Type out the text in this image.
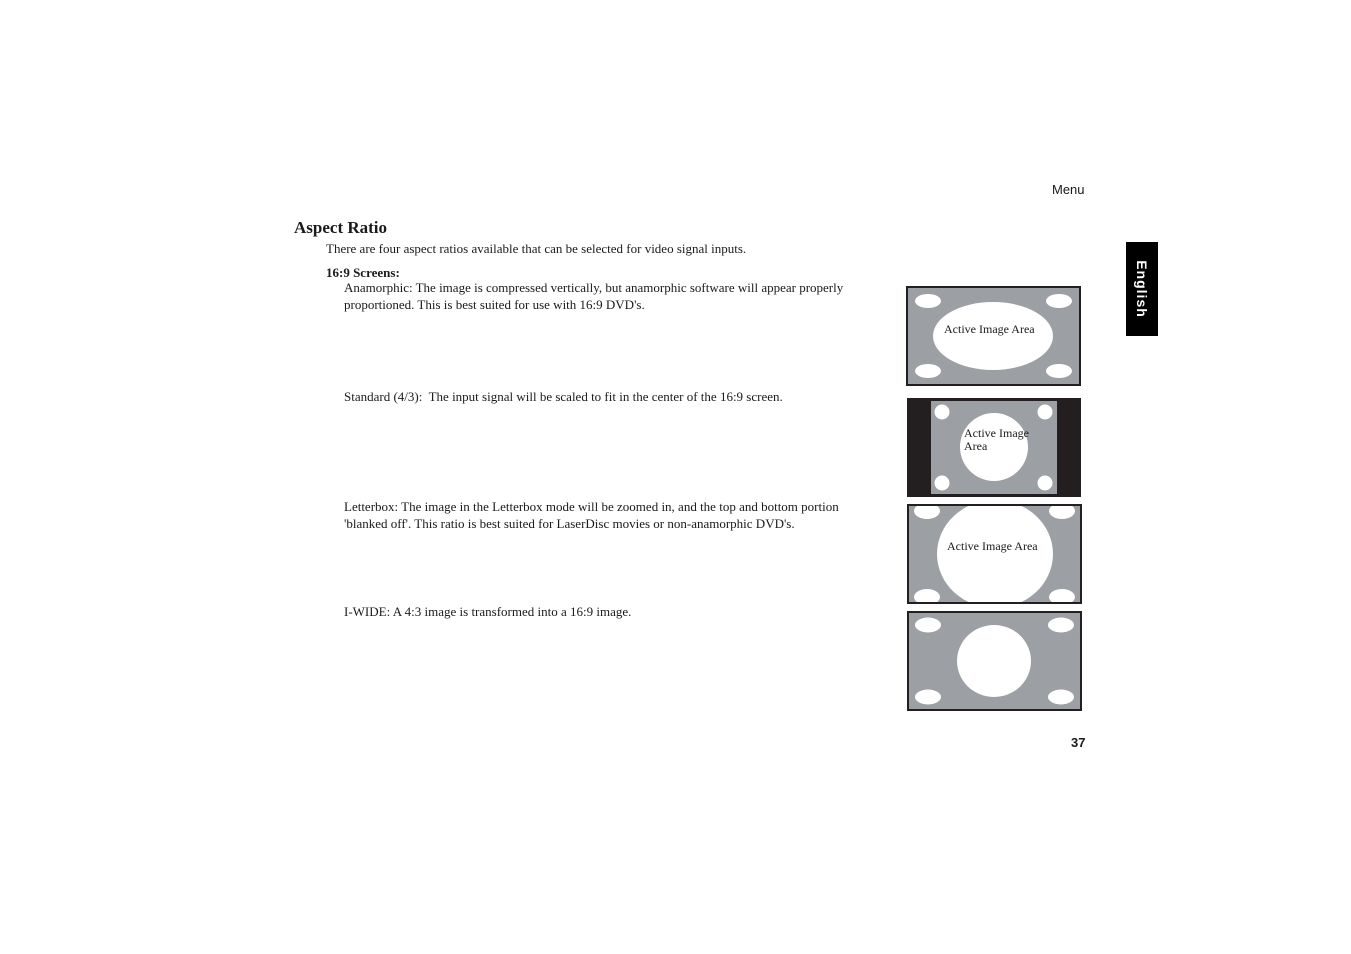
Menu
English
Aspect Ratio
There are four aspect ratios available that can be selected for video signal inputs.
16:9 Screens:
Anamorphic: The image is compressed vertically, but anamorphic software will appear properly proportioned. This is best suited for use with 16:9 DVD's.
Standard (4/3):  The input signal will be scaled to fit in the center of the 16:9 screen.
Letterbox: The image in the Letterbox mode will be zoomed in, and the top and bottom portion 'blanked off'. This ratio is best suited for LaserDisc movies or non-anamorphic DVD's.
I-WIDE: A 4:3 image is transformed into a 16:9 image.
Active Image Area
Active Image
Area
Active Image Area
37
